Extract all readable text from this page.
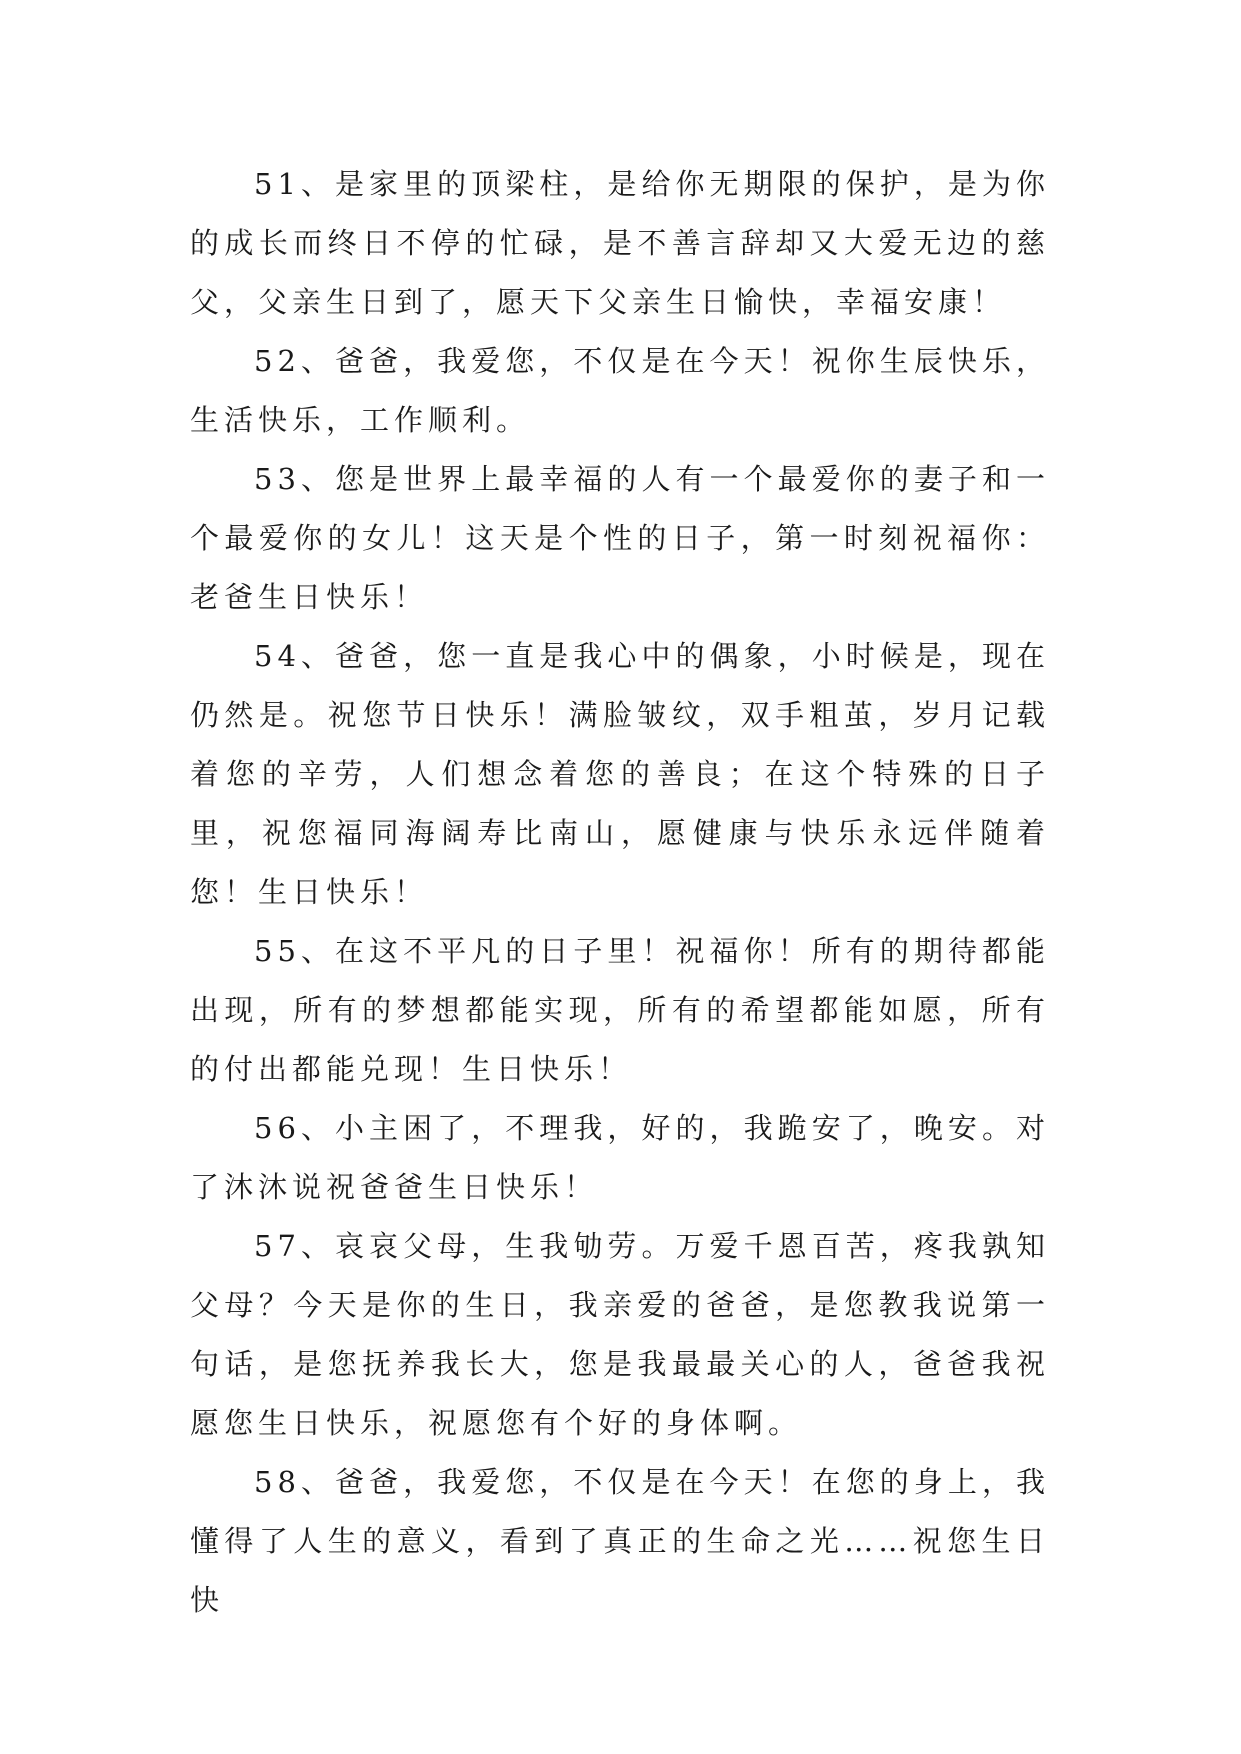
51、是家里的顶梁柱，是给你无期限的保护，是为你的成长而终日不停的忙碌，是不善言辞却又大爱无边的慈父，父亲生日到了，愿天下父亲生日愉快，幸福安康！

52、爸爸，我爱您，不仅是在今天！祝你生辰快乐，生活快乐，工作顺利。

53、您是世界上最幸福的人有一个最爱你的妻子和一个最爱你的女儿！这天是个性的日子，第一时刻祝福你：老爸生日快乐！

54、爸爸，您一直是我心中的偶象，小时候是，现在仍然是。祝您节日快乐！满脸皱纹，双手粗茧，岁月记载着您的辛劳，人们想念着您的善良；在这个特殊的日子里，祝您福同海阔寿比南山，愿健康与快乐永远伴随着您！生日快乐！

55、在这不平凡的日子里！祝福你！所有的期待都能出现，所有的梦想都能实现，所有的希望都能如愿，所有的付出都能兑现！生日快乐！

56、小主困了，不理我，好的，我跪安了，晚安。对了沐沐说祝爸爸生日快乐！

57、哀哀父母，生我劬劳。万爱千恩百苦，疼我孰知父母？今天是你的生日，我亲爱的爸爸，是您教我说第一句话，是您抚养我长大，您是我最最关心的人，爸爸我祝愿您生日快乐，祝愿您有个好的身体啊。

58、爸爸，我爱您，不仅是在今天！在您的身上，我懂得了人生的意义，看到了真正的生命之光……祝您生日快
